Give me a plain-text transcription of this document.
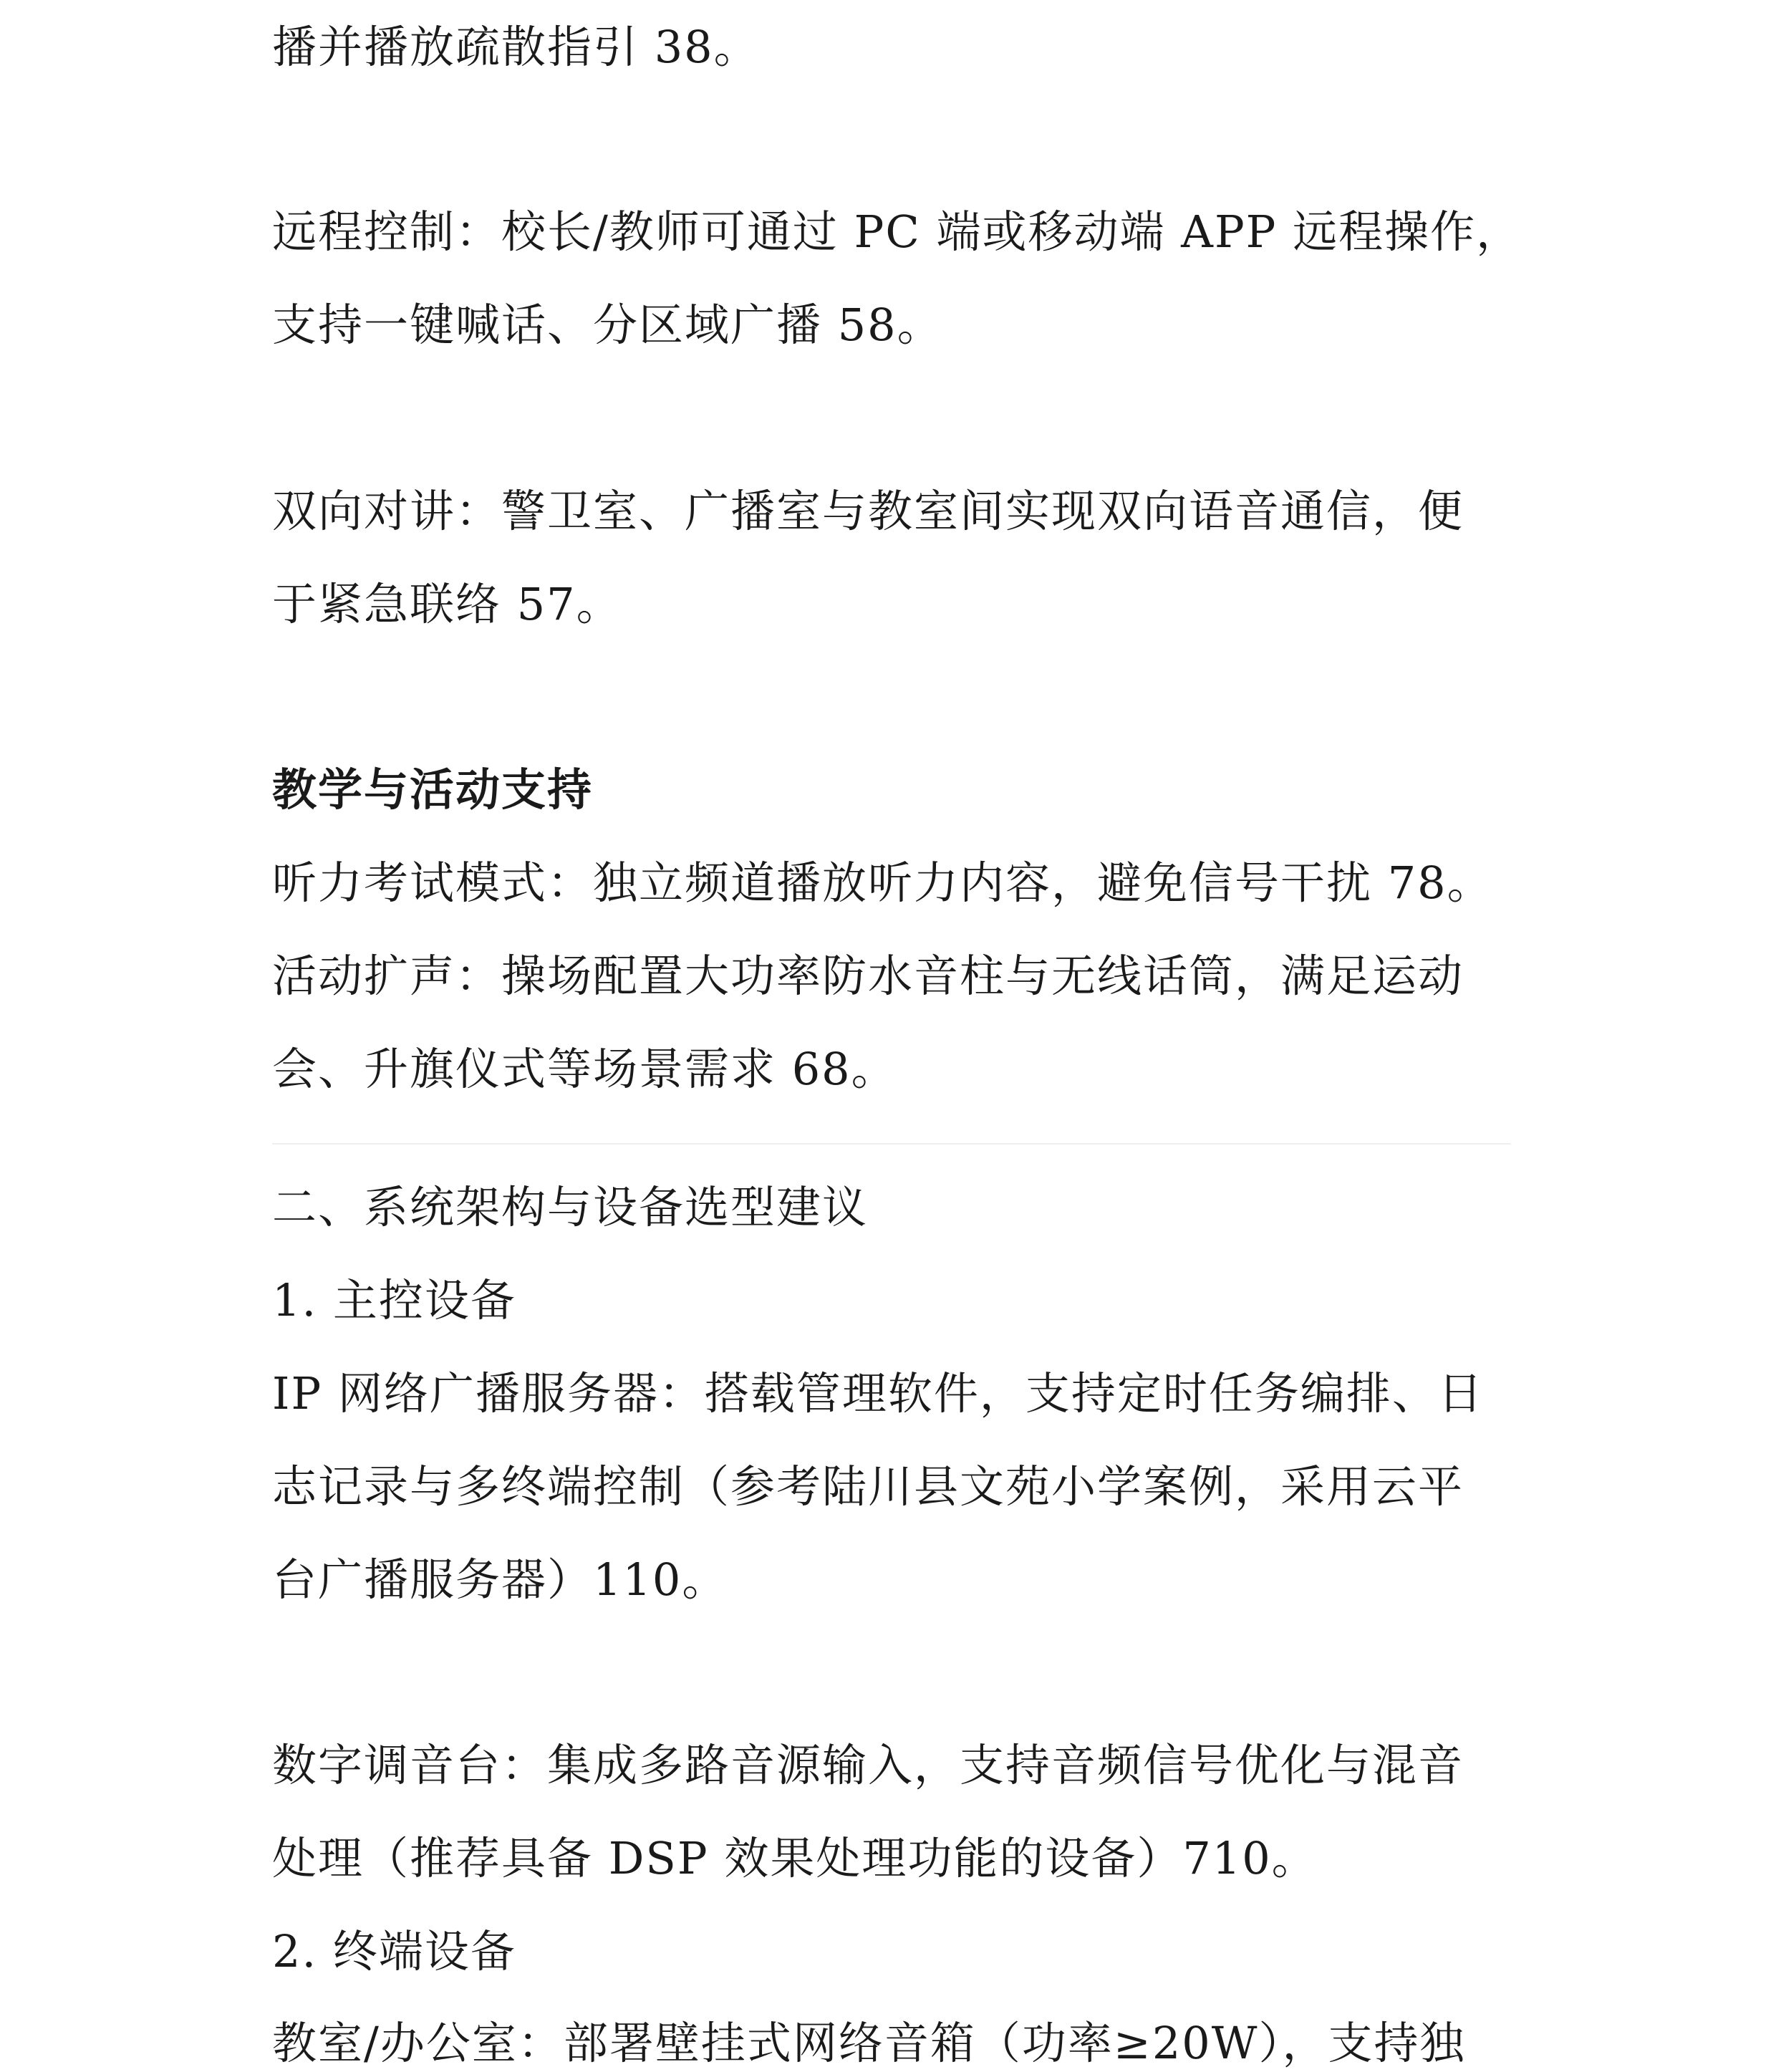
播并播放疏散指引 38。
远程控制：校长/教师可通过 PC 端或移动端 APP 远程操作，
支持一键喊话、分区域广播 58。
双向对讲：警卫室、广播室与教室间实现双向语音通信，便
于紧急联络 57。
教学与活动支持
听力考试模式：独立频道播放听力内容，避免信号干扰 78。
活动扩声：操场配置大功率防水音柱与无线话筒，满足运动
会、升旗仪式等场景需求 68。
二、系统架构与设备选型建议
1. 主控设备
IP 网络广播服务器：搭载管理软件，支持定时任务编排、日
志记录与多终端控制（参考陆川县文苑小学案例，采用云平
台广播服务器）110。
数字调音台：集成多路音源输入，支持音频信号优化与混音
处理（推荐具备 DSP 效果处理功能的设备）710。
2. 终端设备
教室/办公室：部署壁挂式网络音箱（功率≥20W），支持独
